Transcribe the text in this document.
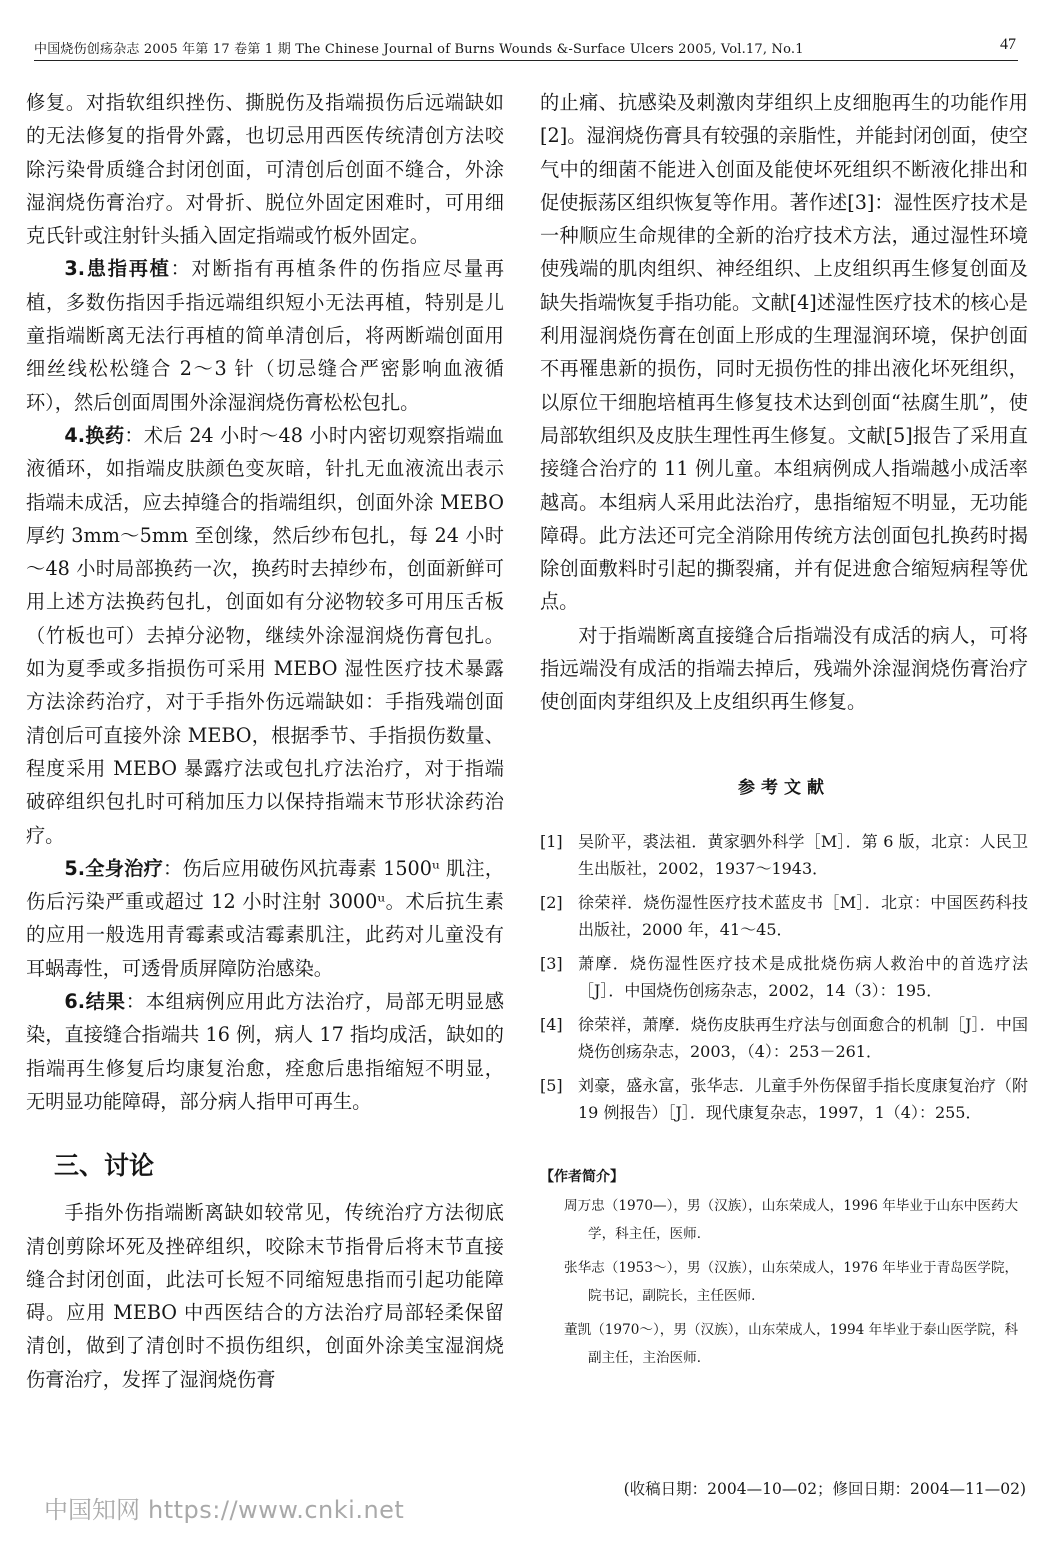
中国烧伤创疡杂志 2005 年第 17 卷第 1 期 The Chinese Journal of Burns Wounds &-Surface Ulcers 2005, Vol.17, No.1	47

修复。对指软组织挫伤、撕脱伤及指端损伤后远端缺如的无法修复的指骨外露，也切忌用西医传统清创方法咬除污染骨质缝合封闭创面，可清创后创面不缝合，外涂湿润烧伤膏治疗。对骨折、脱位外固定困难时，可用细克氏针或注射针头插入固定指端或竹板外固定。

3.患指再植：对断指有再植条件的伤指应尽量再植，多数伤指因手指远端组织短小无法再植，特别是儿童指端断离无法行再植的简单清创后，将两断端创面用细丝线松松缝合 2～3 针（切忌缝合严密影响血液循环），然后创面周围外涂湿润烧伤膏松松包扎。

4.换药：术后 24 小时～48 小时内密切观察指端血液循环，如指端皮肤颜色变灰暗，针扎无血液流出表示指端未成活，应去掉缝合的指端组织，创面外涂 MEBO 厚约 3mm～5mm 至创缘，然后纱布包扎，每 24 小时～48 小时局部换药一次，换药时去掉纱布，创面新鲜可用上述方法换药包扎，创面如有分泌物较多可用压舌板（竹板也可）去掉分泌物，继续外涂湿润烧伤膏包扎。如为夏季或多指损伤可采用 MEBO 湿性医疗技术暴露方法涂药治疗，对于手指外伤远端缺如：手指残端创面清创后可直接外涂 MEBO，根据季节、手指损伤数量、程度采用 MEBO 暴露疗法或包扎疗法治疗，对于指端破碎组织包扎时可稍加压力以保持指端末节形状涂药治疗。

5.全身治疗：伤后应用破伤风抗毒素 1500ᵘ 肌注，伤后污染严重或超过 12 小时注射 3000ᵘ。术后抗生素的应用一般选用青霉素或洁霉素肌注，此药对儿童没有耳蜗毒性，可透骨质屏障防治感染。

6.结果：本组病例应用此方法治疗，局部无明显感染，直接缝合指端共 16 例，病人 17 指均成活，缺如的指端再生修复后均康复治愈，痊愈后患指缩短不明显，无明显功能障碍，部分病人指甲可再生。

三、讨论

手指外伤指端断离缺如较常见，传统治疗方法彻底清创剪除坏死及挫碎组织，咬除末节指骨后将末节直接缝合封闭创面，此法可长短不同缩短患指而引起功能障碍。应用 MEBO 中西医结合的方法治疗局部轻柔保留清创，做到了清创时不损伤组织，创面外涂美宝湿润烧伤膏治疗，发挥了湿润烧伤膏

的止痛、抗感染及刺激肉芽组织上皮细胞再生的功能作用[2]。湿润烧伤膏具有较强的亲脂性，并能封闭创面，使空气中的细菌不能进入创面及能使坏死组织不断液化排出和促使振荡区组织恢复等作用。著作述[3]：湿性医疗技术是一种顺应生命规律的全新的治疗技术方法，通过湿性环境使残端的肌肉组织、神经组织、上皮组织再生修复创面及缺失指端恢复手指功能。文献[4]述湿性医疗技术的核心是利用湿润烧伤膏在创面上形成的生理湿润环境，保护创面不再罹患新的损伤，同时无损伤性的排出液化坏死组织，以原位干细胞培植再生修复技术达到创面“祛腐生肌”，使局部软组织及皮肤生理性再生修复。文献[5]报告了采用直接缝合治疗的 11 例儿童。本组病例成人指端越小成活率越高。本组病人采用此法治疗，患指缩短不明显，无功能障碍。此方法还可完全消除用传统方法创面包扎换药时揭除创面敷料时引起的撕裂痛，并有促进愈合缩短病程等优点。

对于指端断离直接缝合后指端没有成活的病人，可将指远端没有成活的指端去掉后，残端外涂湿润烧伤膏治疗使创面肉芽组织及上皮组织再生修复。

参考文献
[1] 吴阶平，裘法祖．黄家驷外科学［M］．第 6 版，北京：人民卫生出版社，2002，1937～1943．
[2] 徐荣祥．烧伤湿性医疗技术蓝皮书［M］．北京：中国医药科技出版社，2000 年，41～45．
[3] 萧摩．烧伤湿性医疗技术是成批烧伤病人救治中的首选疗法［J］．中国烧伤创疡杂志，2002，14（3）：195．
[4] 徐荣祥，萧摩．烧伤皮肤再生疗法与创面愈合的机制［J］．中国烧伤创疡杂志，2003，（4）：253－261．
[5] 刘豪，盛永富，张华志．儿童手外伤保留手指长度康复治疗（附 19 例报告）［J］．现代康复杂志，1997，1（4）：255．
【作者简介】

周万忠（1970—），男（汉族），山东荣成人，1996 年毕业于山东中医药大学，科主任，医师．

张华志（1953～），男（汉族），山东荣成人，1976 年毕业于青岛医学院，院书记，副院长，主任医师．

董凯（1970～），男（汉族），山东荣成人，1994 年毕业于泰山医学院，科副主任，主治医师．

(收稿日期：2004—10—02；修回日期：2004—11—02)
中国知网 https://www.cnki.net
